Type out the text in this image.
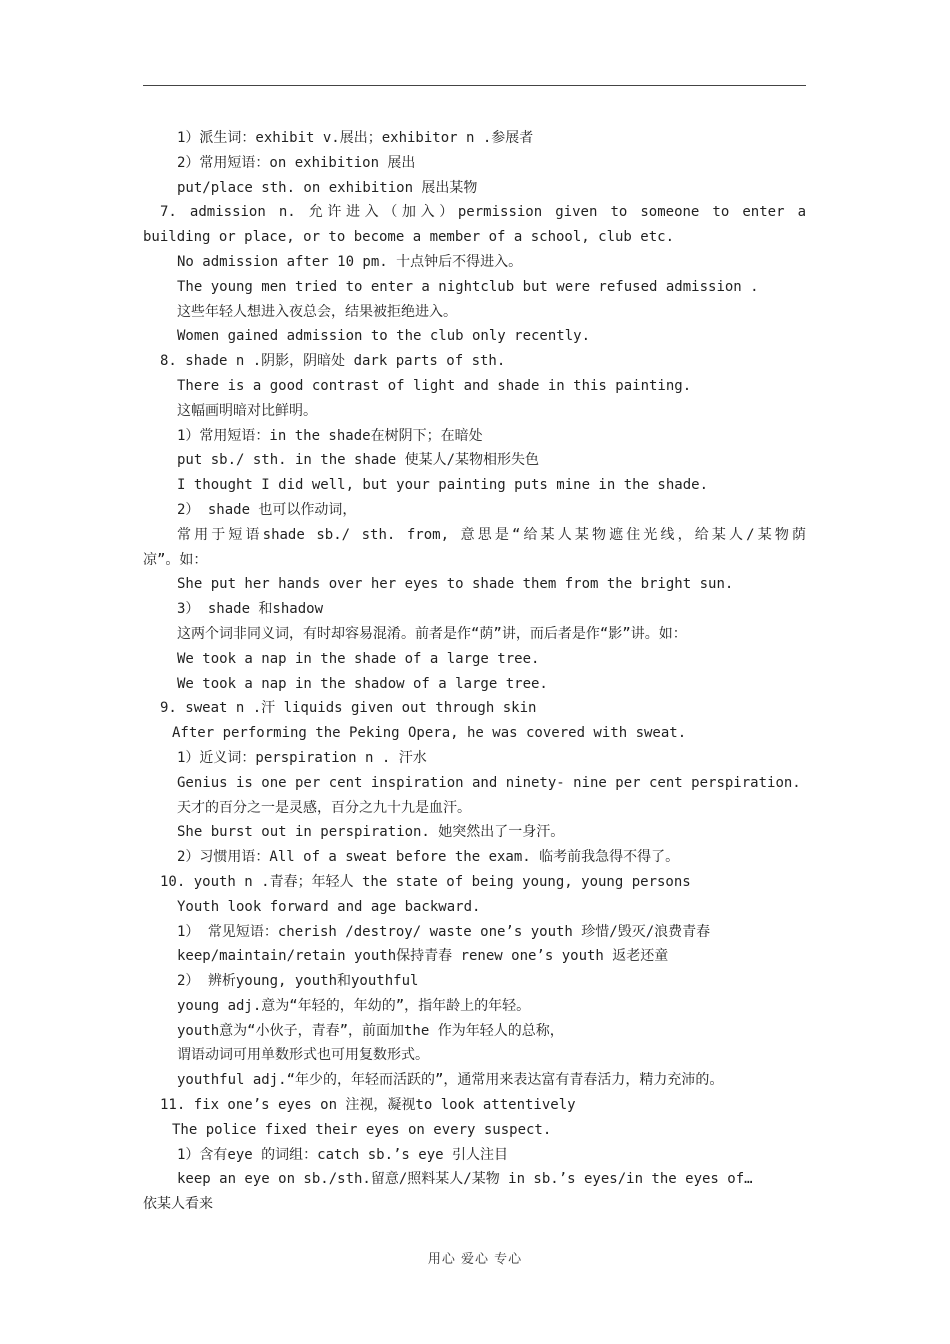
1）派生词：exhibit v.展出；exhibitor n .参展者
2）常用短语：on exhibition 展出
put/place sth. on exhibition 展出某物
7. admission n. 允许进入（加入）permission given to someone to enter a
building or place, or to become a member of a school, club etc.
No admission after 10 pm. 十点钟后不得进入。
The young men tried to enter a nightclub but were refused admission .
这些年轻人想进入夜总会，结果被拒绝进入。
Women gained admission to the club only recently.
8. shade n .阴影，阴暗处 dark parts of sth.
There is a good contrast of light and shade in this painting.
这幅画明暗对比鲜明。
1）常用短语：in the shade在树阴下；在暗处
put sb./ sth. in the shade 使某人/某物相形失色
I thought I did well, but your painting puts mine in the shade.
2） shade 也可以作动词，
常用于短语shade sb./ sth. from, 意思是“给某人某物遮住光线，给某人/某物荫
凉”。如：
She put her hands over her eyes to shade them from the bright sun.
3） shade 和shadow
这两个词非同义词，有时却容易混淆。前者是作“荫”讲，而后者是作“影”讲。如：
We took a nap in the shade of a large tree.
We took a nap in the shadow of a large tree.
9. sweat n .汗 liquids given out through skin
After performing the Peking Opera, he was covered with sweat.
1）近义词：perspiration n . 汗水
Genius is one per cent inspiration and ninety- nine per cent perspiration.
天才的百分之一是灵感，百分之九十九是血汗。
She burst out in perspiration. 她突然出了一身汗。
2）习惯用语：All of a sweat before the exam. 临考前我急得不得了。
10. youth n .青春；年轻人 the state of being young, young persons
Youth look forward and age backward.
1） 常见短语：cherish /destroy/ waste one’s youth 珍惜/毁灭/浪费青春
keep/maintain/retain youth保持青春 renew one’s youth 返老还童
2） 辨析young, youth和youthful
young adj.意为“年轻的，年幼的”，指年龄上的年轻。
youth意为“小伙子，青春”，前面加the 作为年轻人的总称，
谓语动词可用单数形式也可用复数形式。
youthful adj.“年少的，年轻而活跃的”，通常用来表达富有青春活力，精力充沛的。
11. fix one’s eyes on 注视，凝视to look attentively
The police fixed their eyes on every suspect.
1）含有eye 的词组：catch sb.’s eye 引人注目
keep an eye on sb./sth.留意/照料某人/某物 in sb.’s eyes/in the eyes of…
依某人看来
用心 爱心 专心
